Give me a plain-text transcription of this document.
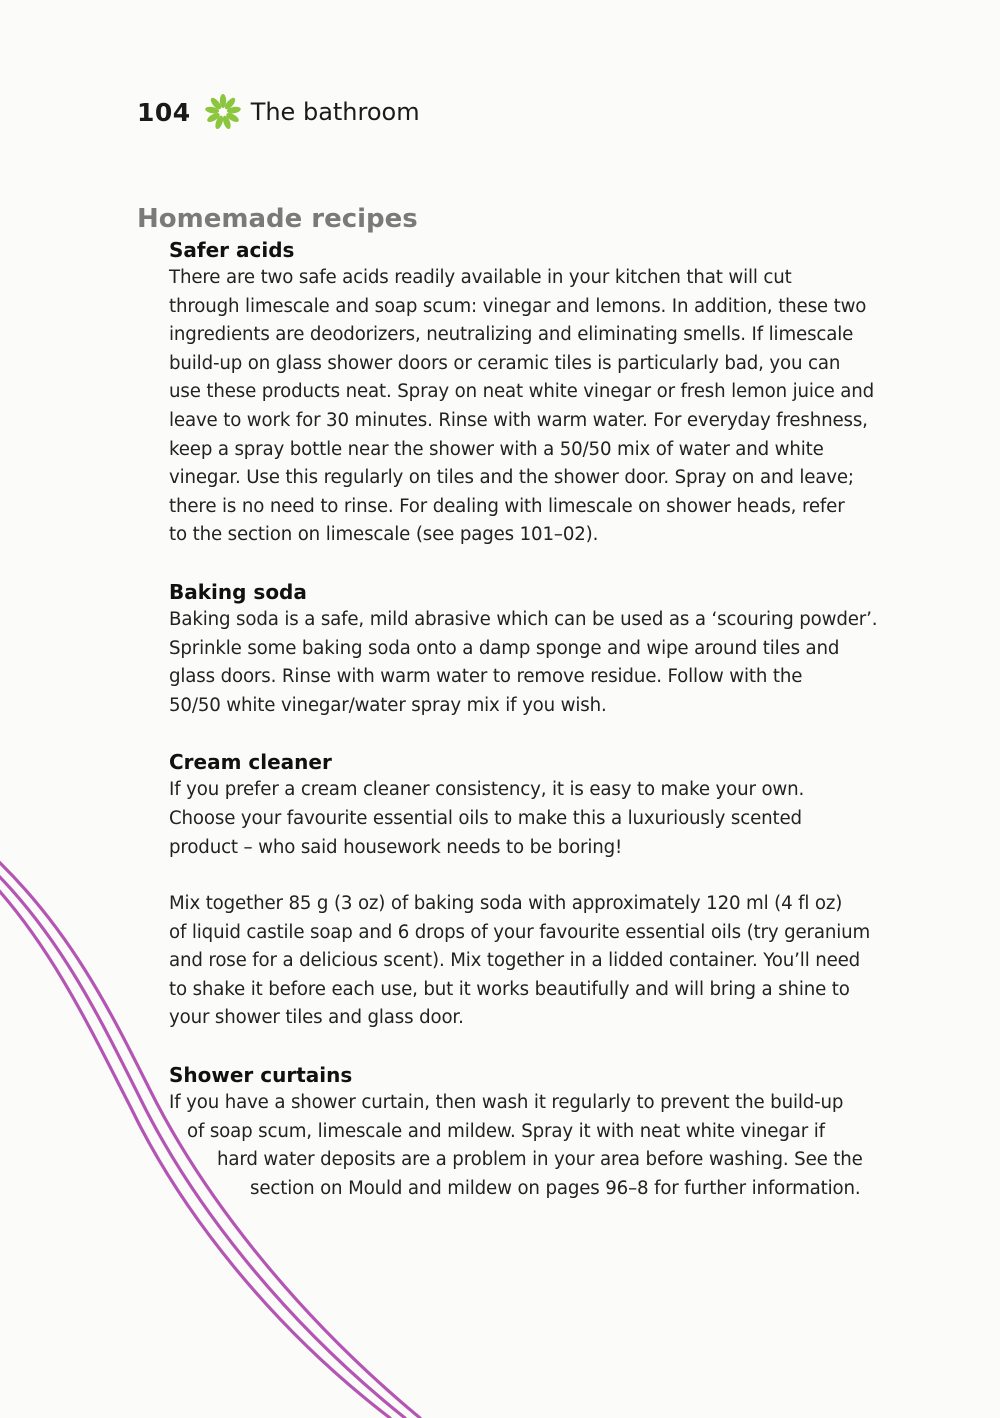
104	The bathroom
Homemade recipes
Safer acids

There are two safe acids readily available in your kitchen that will cut

through limescale and soap scum: vinegar and lemons. In addition, these two

ingredients are deodorizers, neutralizing and eliminating smells. If limescale

build-up on glass shower doors or ceramic tiles is particularly bad, you can

use these products neat. Spray on neat white vinegar or fresh lemon juice and

leave to work for 30 minutes. Rinse with warm water. For everyday freshness,

keep a spray bottle near the shower with a 50/50 mix of water and white

vinegar. Use this regularly on tiles and the shower door. Spray on and leave;

there is no need to rinse. For dealing with limescale on shower heads, refer

to the section on limescale (see pages 101–02).

Baking soda

Baking soda is a safe, mild abrasive which can be used as a ‘scouring powder’.

Sprinkle some baking soda onto a damp sponge and wipe around tiles and

glass doors. Rinse with warm water to remove residue. Follow with the

50/50 white vinegar/water spray mix if you wish.

Cream cleaner

If you prefer a cream cleaner consistency, it is easy to make your own.

Choose your favourite essential oils to make this a luxuriously scented

product – who said housework needs to be boring!

Mix together 85 g (3 oz) of baking soda with approximately 120 ml (4 fl oz)

of liquid castile soap and 6 drops of your favourite essential oils (try geranium

and rose for a delicious scent). Mix together in a lidded container. You’ll need

to shake it before each use, but it works beautifully and will bring a shine to

your shower tiles and glass door.

Shower curtains

If you have a shower curtain, then wash it regularly to prevent the build-up

of soap scum, limescale and mildew. Spray it with neat white vinegar if

hard water deposits are a problem in your area before washing. See the

section on Mould and mildew on pages 96–8 for further information.
